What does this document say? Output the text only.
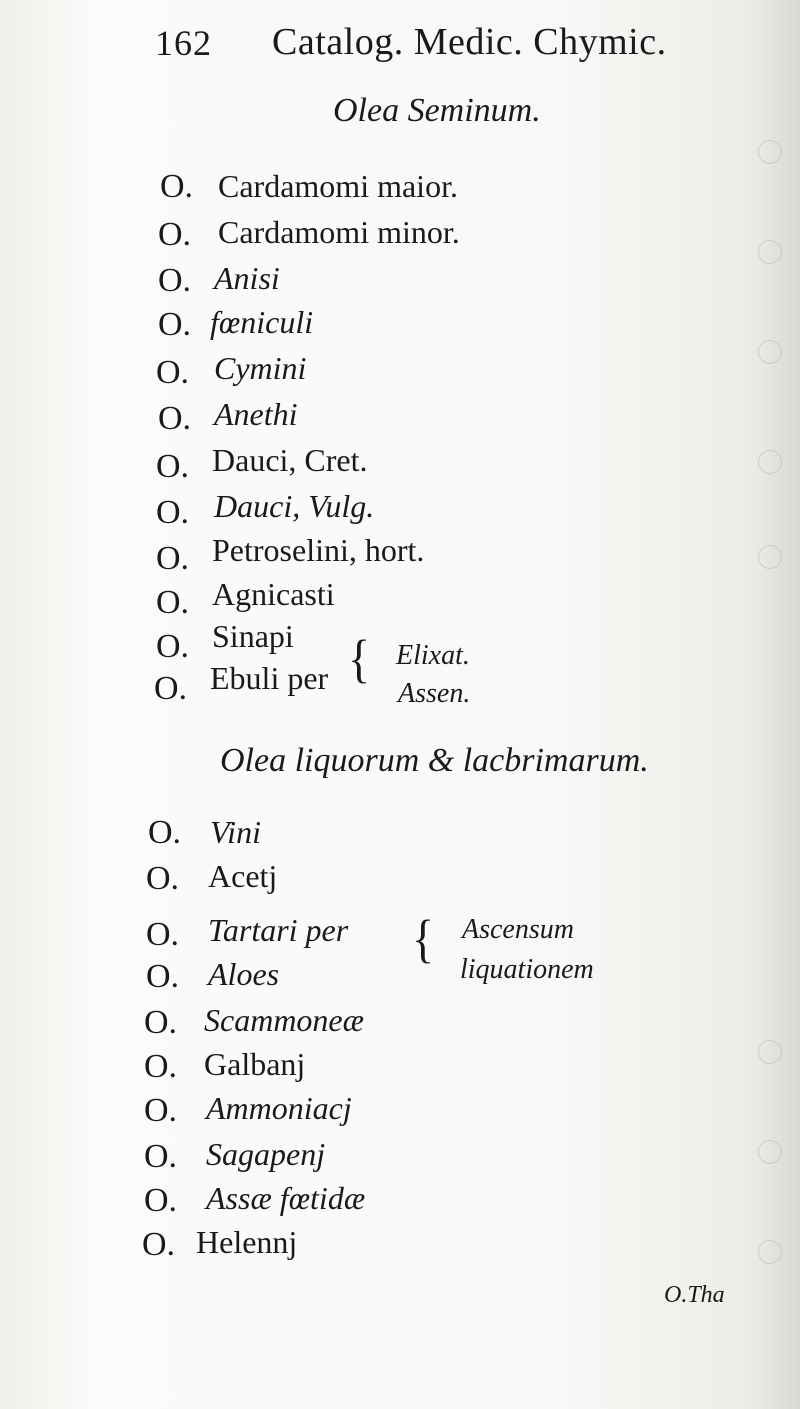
162 Catalog. Medic. Chymic.
Olea Seminum.
O. Cardamomi maior.
O. Cardamomi minor.
O. Anisi
O. fœniculi
O. Cymini
O. Anethi
O. Dauci, Cret.
O. Dauci, Vulg.
O. Petroselini, hort.
O. Agnicasti
O. Sinapi
O. Ebuli per { Elixat.
Assen.
Olea liquorum & lacbrimarum.
O. Vini
O. Acetj
O. Tartari per
O. Aloes
O. Scammoneæ
O. Galbanj
O. Ammoniacj
O. Sagapenj
O. Assæ fœtidæ
O. Helennj
{ Ascensum
liquationem
O.Tha
